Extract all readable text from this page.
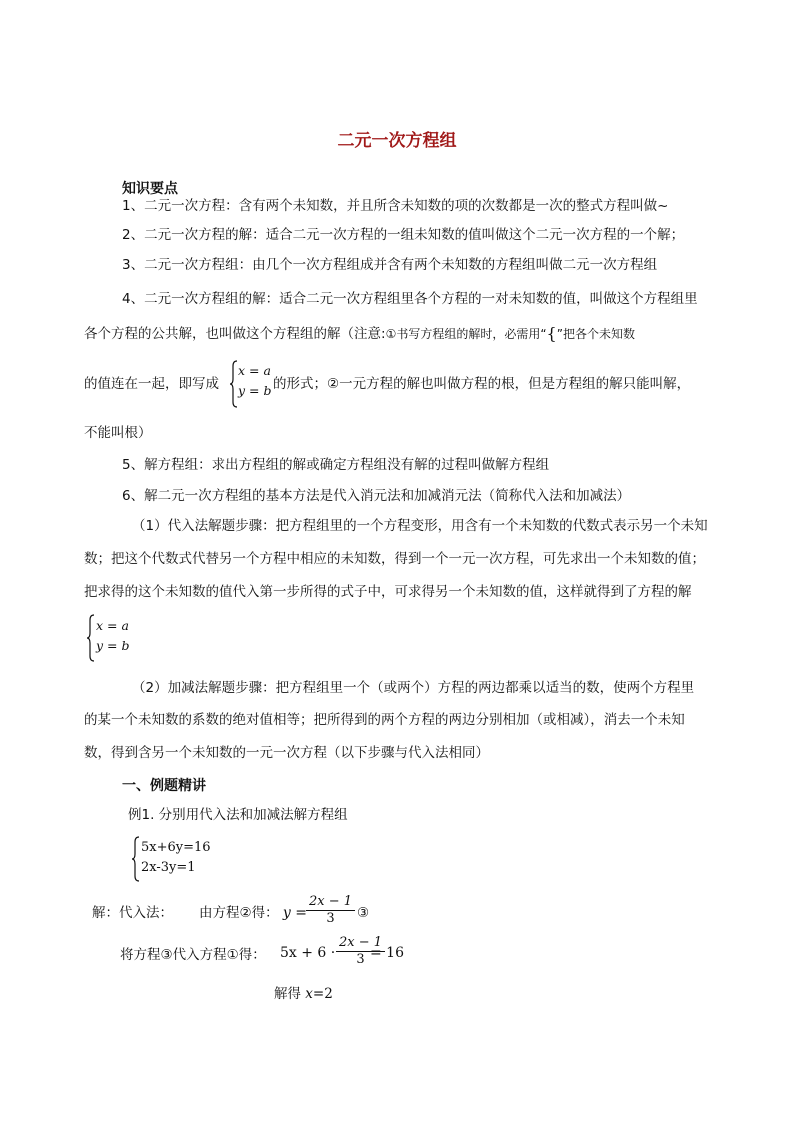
二元一次方程组
知识要点
1、二元一次方程：含有两个未知数，并且所含未知数的项的次数都是一次的整式方程叫做~
2、二元一次方程的解：适合二元一次方程的一组未知数的值叫做这个二元一次方程的一个解；
3、二元一次方程组：由几个一次方程组成并含有两个未知数的方程组叫做二元一次方程组
4、二元一次方程组的解：适合二元一次方程组里各个方程的一对未知数的值，叫做这个方程组里
各个方程的公共解，也叫做这个方程组的解（注意:①书写方程组的解时，必需用“{”把各个未知数
的值连在一起，即写成
x = a
y = b 的形式；②一元方程的解也叫做方程的根，但是方程组的解只能叫解，
不能叫根）
5、解方程组：求出方程组的解或确定方程组没有解的过程叫做解方程组
6、解二元一次方程组的基本方法是代入消元法和加减消元法（简称代入法和加减法）
（1）代入法解题步骤：把方程组里的一个方程变形，用含有一个未知数的代数式表示另一个未知
数；把这个代数式代替另一个方程中相应的未知数，得到一个一元一次方程，可先求出一个未知数的值；
把求得的这个未知数的值代入第一步所得的式子中，可求得另一个未知数的值，这样就得到了方程的解
x = a
y = b
（2）加减法解题步骤：把方程组里一个（或两个）方程的两边都乘以适当的数，使两个方程里
的某一个未知数的系数的绝对值相等；把所得到的两个方程的两边分别相加（或相减），消去一个未知
数，得到含另一个未知数的一元一次方程（以下步骤与代入法相同）
一、例题精讲
例1. 分别用代入法和加减法解方程组
5x+6y=16
2x-3y=1
解：代入法： 由方程②得： $y = \frac{2x - 1}{3}$ ③
将方程③代入方程①得： $5x + 6 \cdot \frac{2x - 1}{3}$
= 16
解得 x=2
